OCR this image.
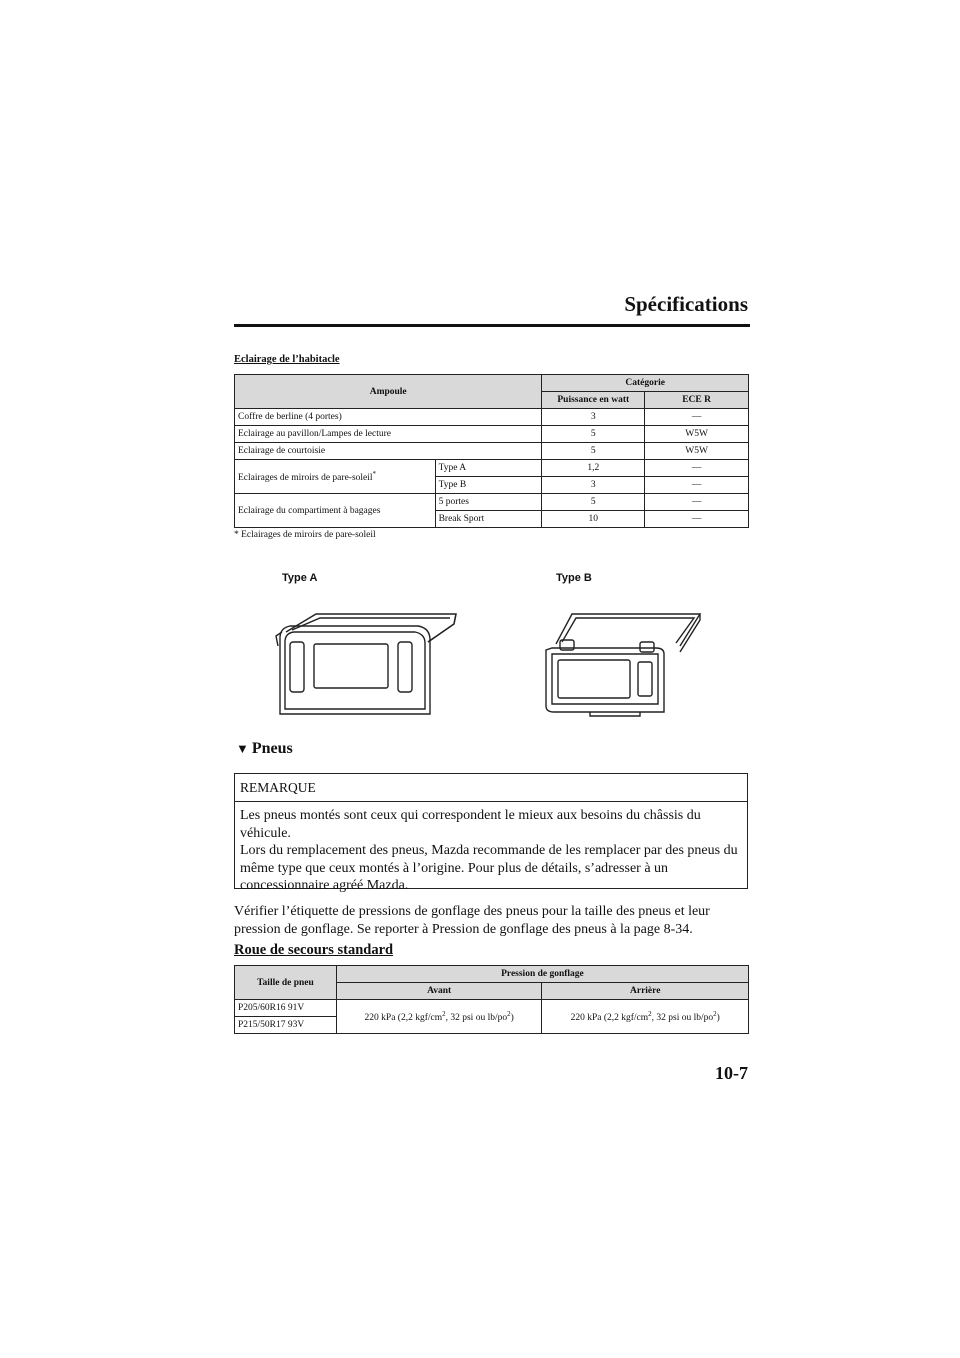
Spécifications
Eclairage de l’habitacle
Ampoule		Catégorie	
		Puissance en watt	ECE R
Coffre de berline (4 portes)		3	—
Eclairage au pavillon/Lampes de lecture		5	W5W
Eclairage de courtoisie		5	W5W
Eclairages de miroirs de pare-soleil*	Type A	1,2	—
	Type B	3	—
Eclairage du compartiment à bagages	5 portes	5	—
	Break Sport	10	—
* Eclairages de miroirs de pare-soleil
Type A	Type B
▼ Pneus
REMARQUE
Les pneus montés sont ceux qui correspondent le mieux aux besoins du châssis du véhicule.
Lors du remplacement des pneus, Mazda recommande de les remplacer par des pneus du même type que ceux montés à l’origine. Pour plus de détails, s’adresser à un concessionnaire agréé Mazda.
Vérifier l’étiquette de pressions de gonflage des pneus pour la taille des pneus et leur pression de gonflage. Se reporter à Pression de gonflage des pneus à la page 8-34.
Roue de secours standard
Taille de pneu	Pression de gonflage	
	Avant	Arrière
P205/60R16 91V	220 kPa (2,2 kgf/$cm^2$, 32 psi ou $lb/po^2$)	220 kPa (2,2 kgf/$cm^2$, 32 psi ou $lb/po^2$)
P215/50R17 93V		
10-7
